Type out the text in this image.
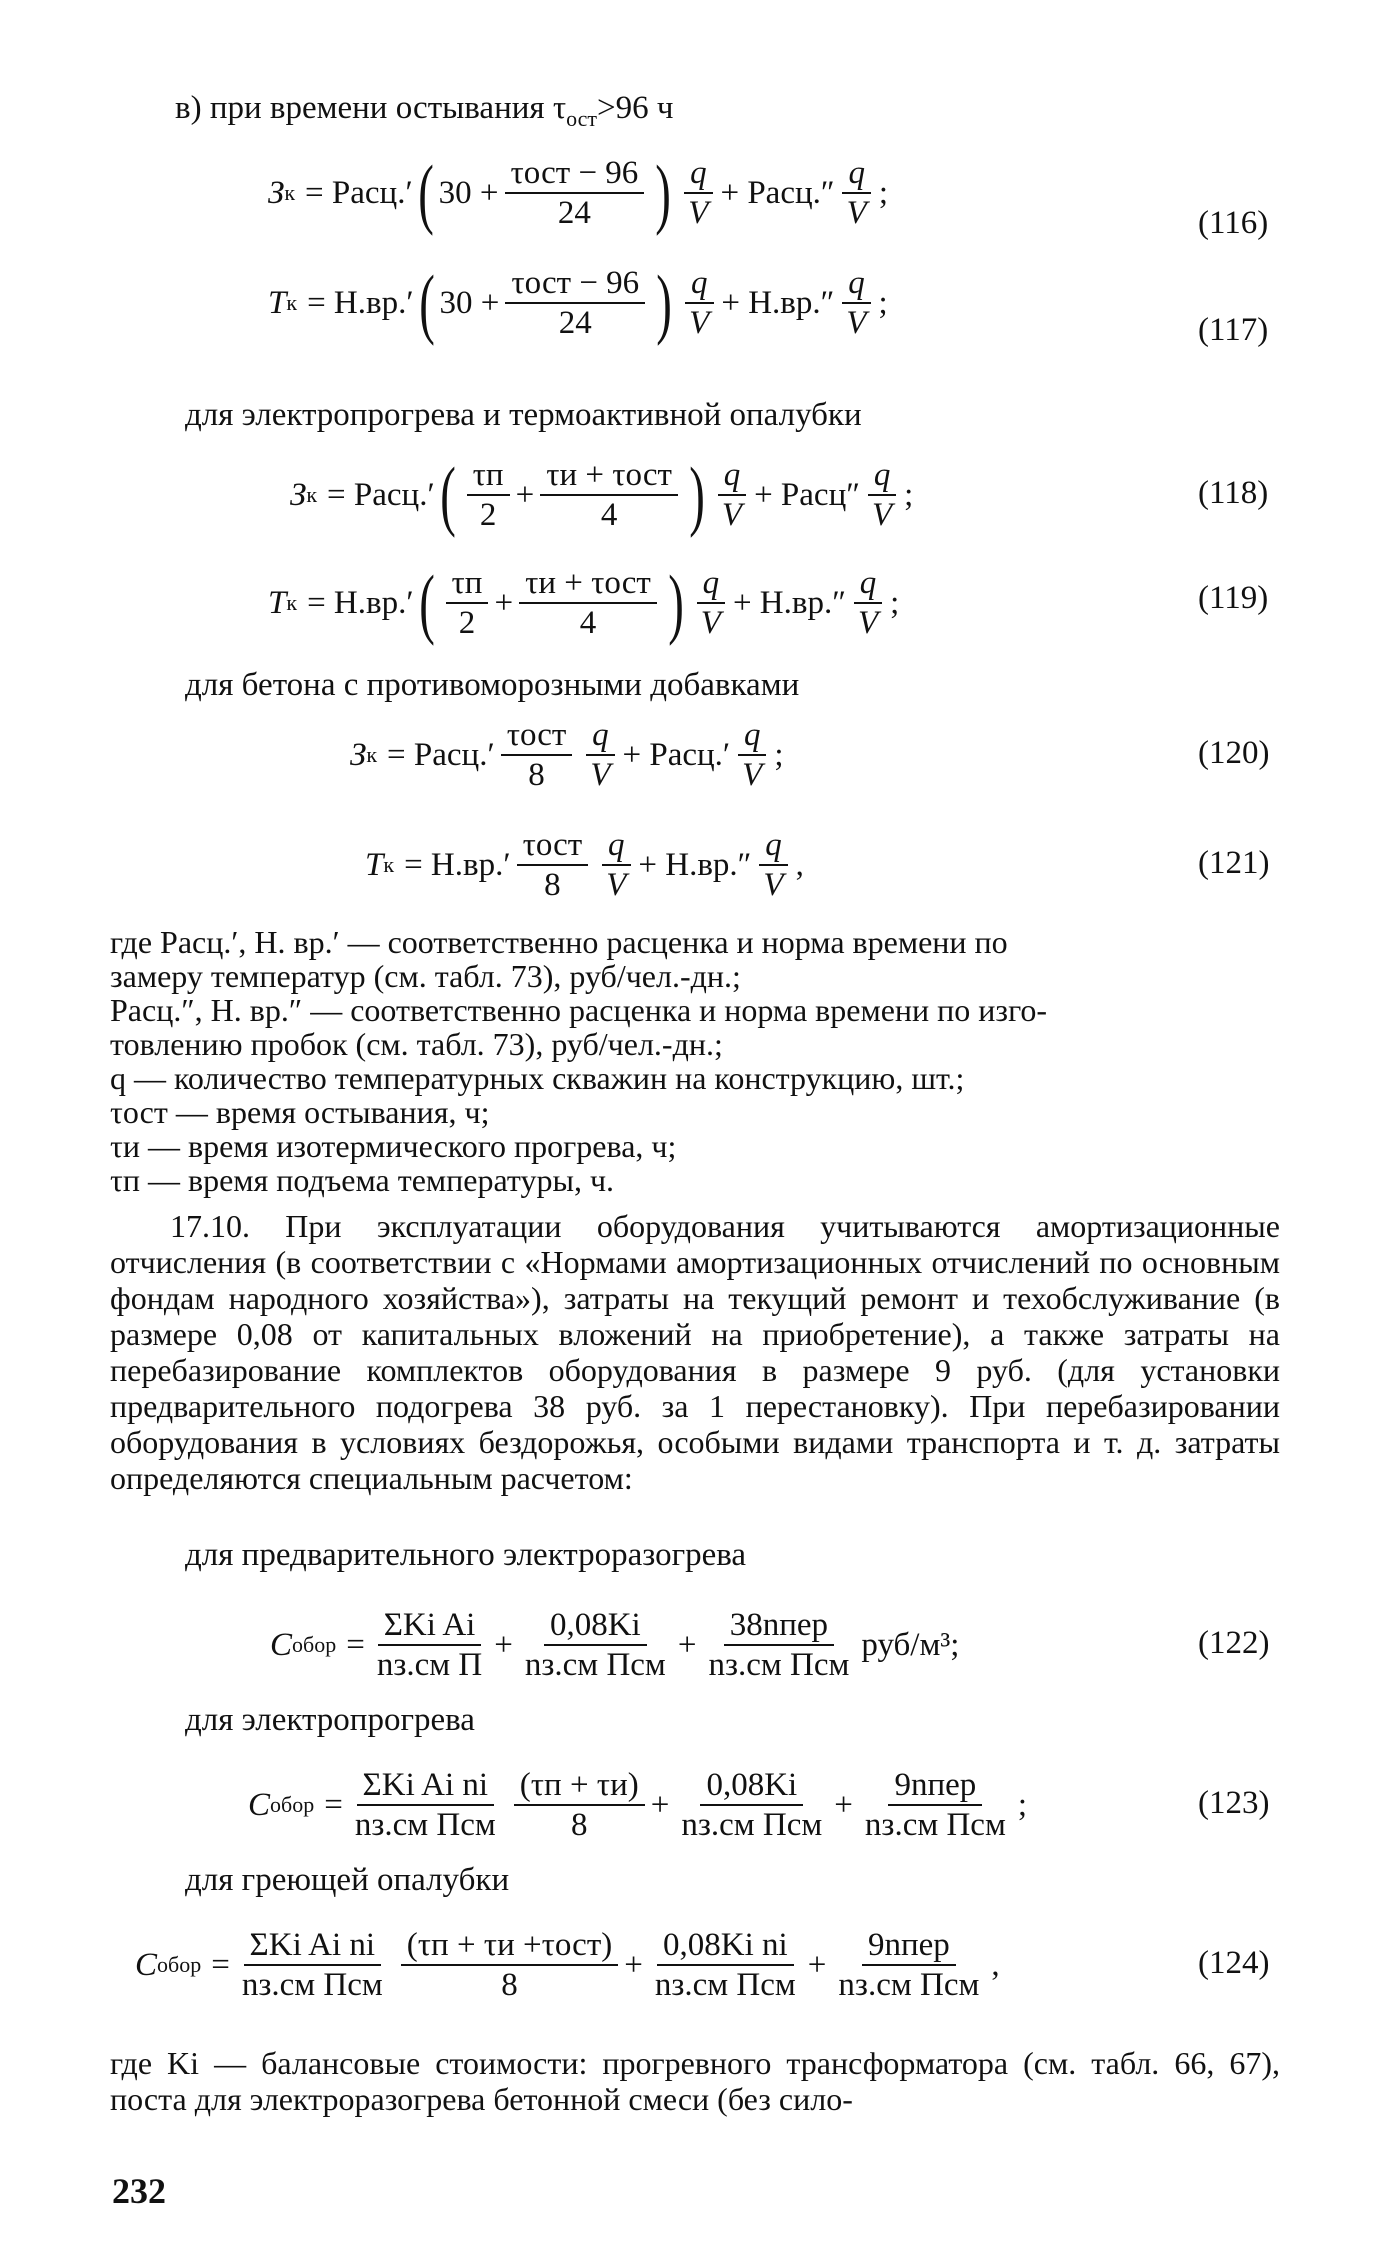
в) при времени остывания $\tau_{ост}>96$ ч
З к = Расц.′ ( $30 + \frac{\text{τост − 96}}{24}$ ) $\frac{q}{V}$ + Расц.″ $\frac{q}{V}$ ;
(116)
T к = Н.вр.′ ( $30 + \frac{\text{τост − 96}}{24}$ ) $\frac{q}{V} + Н.вр.'' \frac{q}{V}$ ;
(117)
для электропрогрева и термоактивной опалубки
З к = Расц.′ ( $\frac{\tau п}{2} + \frac{\text{τи + τост}}{4}$ ) $\frac{q}{V}$ + Расц″ $\frac{q}{V}$ ;	(118)
T к = Н.вр.′ ( $\frac{\tau п}{2} + \frac{\text{τи + τост}}{4}$ ) $\frac{q}{V} + Н.вр.'' \frac{q}{V}$ ;	(119)
для бетона с противоморозными добавками
З к = Расц.′ $\frac{\text{τост}}{8} \frac{q}{V}$ + Расц.′ $\frac{q}{V}$ ;	(120)
T $к = Н.вр.' \frac{\text{τост}}{8} \frac{q}{V} + Н.вр.'' \frac{q}{V}$ ,	(121)
где Расц.′, Н. вр.′ — соответственно расценка и норма времени по
замеру температур (см. табл. 73), руб/чел.-дн.;
Расц.″, Н. вр.″ — соответственно расценка и норма времени по изго-
товлению пробок (см. табл. 73), руб/чел.-дн.;
q — количество температурных скважин на конструкцию, шт.;
τост — время остывания, ч;
τи — время изотермического прогрева, ч;
τп — время подъема температуры, ч.
17.10. При эксплуатации оборудования учитываются амортизационные отчисления (в соответствии с «Нормами амортизационных отчислений по основным фондам народного хозяйства»), затраты на текущий ремонт и техобслуживание (в размере 0,08 от капитальных вложений на приобретение), а также затраты на перебазирование комплектов оборудования в размере 9 руб. (для установки предварительного подогрева 38 руб. за 1 перестановку). При перебазировании оборудования в условиях бездорожья, особыми видами транспорта и т. д. затраты определяются специальным расчетом:
для предварительного электроразогрева
C обор = $\frac{\text{ΣKi Ai}}{\text{nз.см П}} + \frac{0,08Ki}{\text{nз.см Псм}} + \frac{\text{38nпер}}{\text{nз.см Псм}} руб/м^3$;	(122)
для электропрогрева
C обор = $\frac{\text{ΣKi Ai ni}}{\text{nз.см Псм}} \frac{(\tau п + \tau и)}{8} + \frac{0,08Ki}{\text{nз.см Псм}} + \frac{\text{9nпер}}{\text{nз.см Псм}}$ ;	(123)
для греющей опалубки
C обор = $\frac{\text{ΣKi Ai ni}}{\text{nз.см Псм}} \frac{\text{(τп + τи +τост)}}{8} + \frac{\text{0,08Ki ni}}{\text{nз.см Псм}} + \frac{\text{9nпер}}{\text{nз.см Псм}}$ ,	(124)
где Ki — балансовые стоимости: прогревного трансформатора (см. табл. 66, 67), поста для электроразогрева бетонной смеси (без сило-
232
